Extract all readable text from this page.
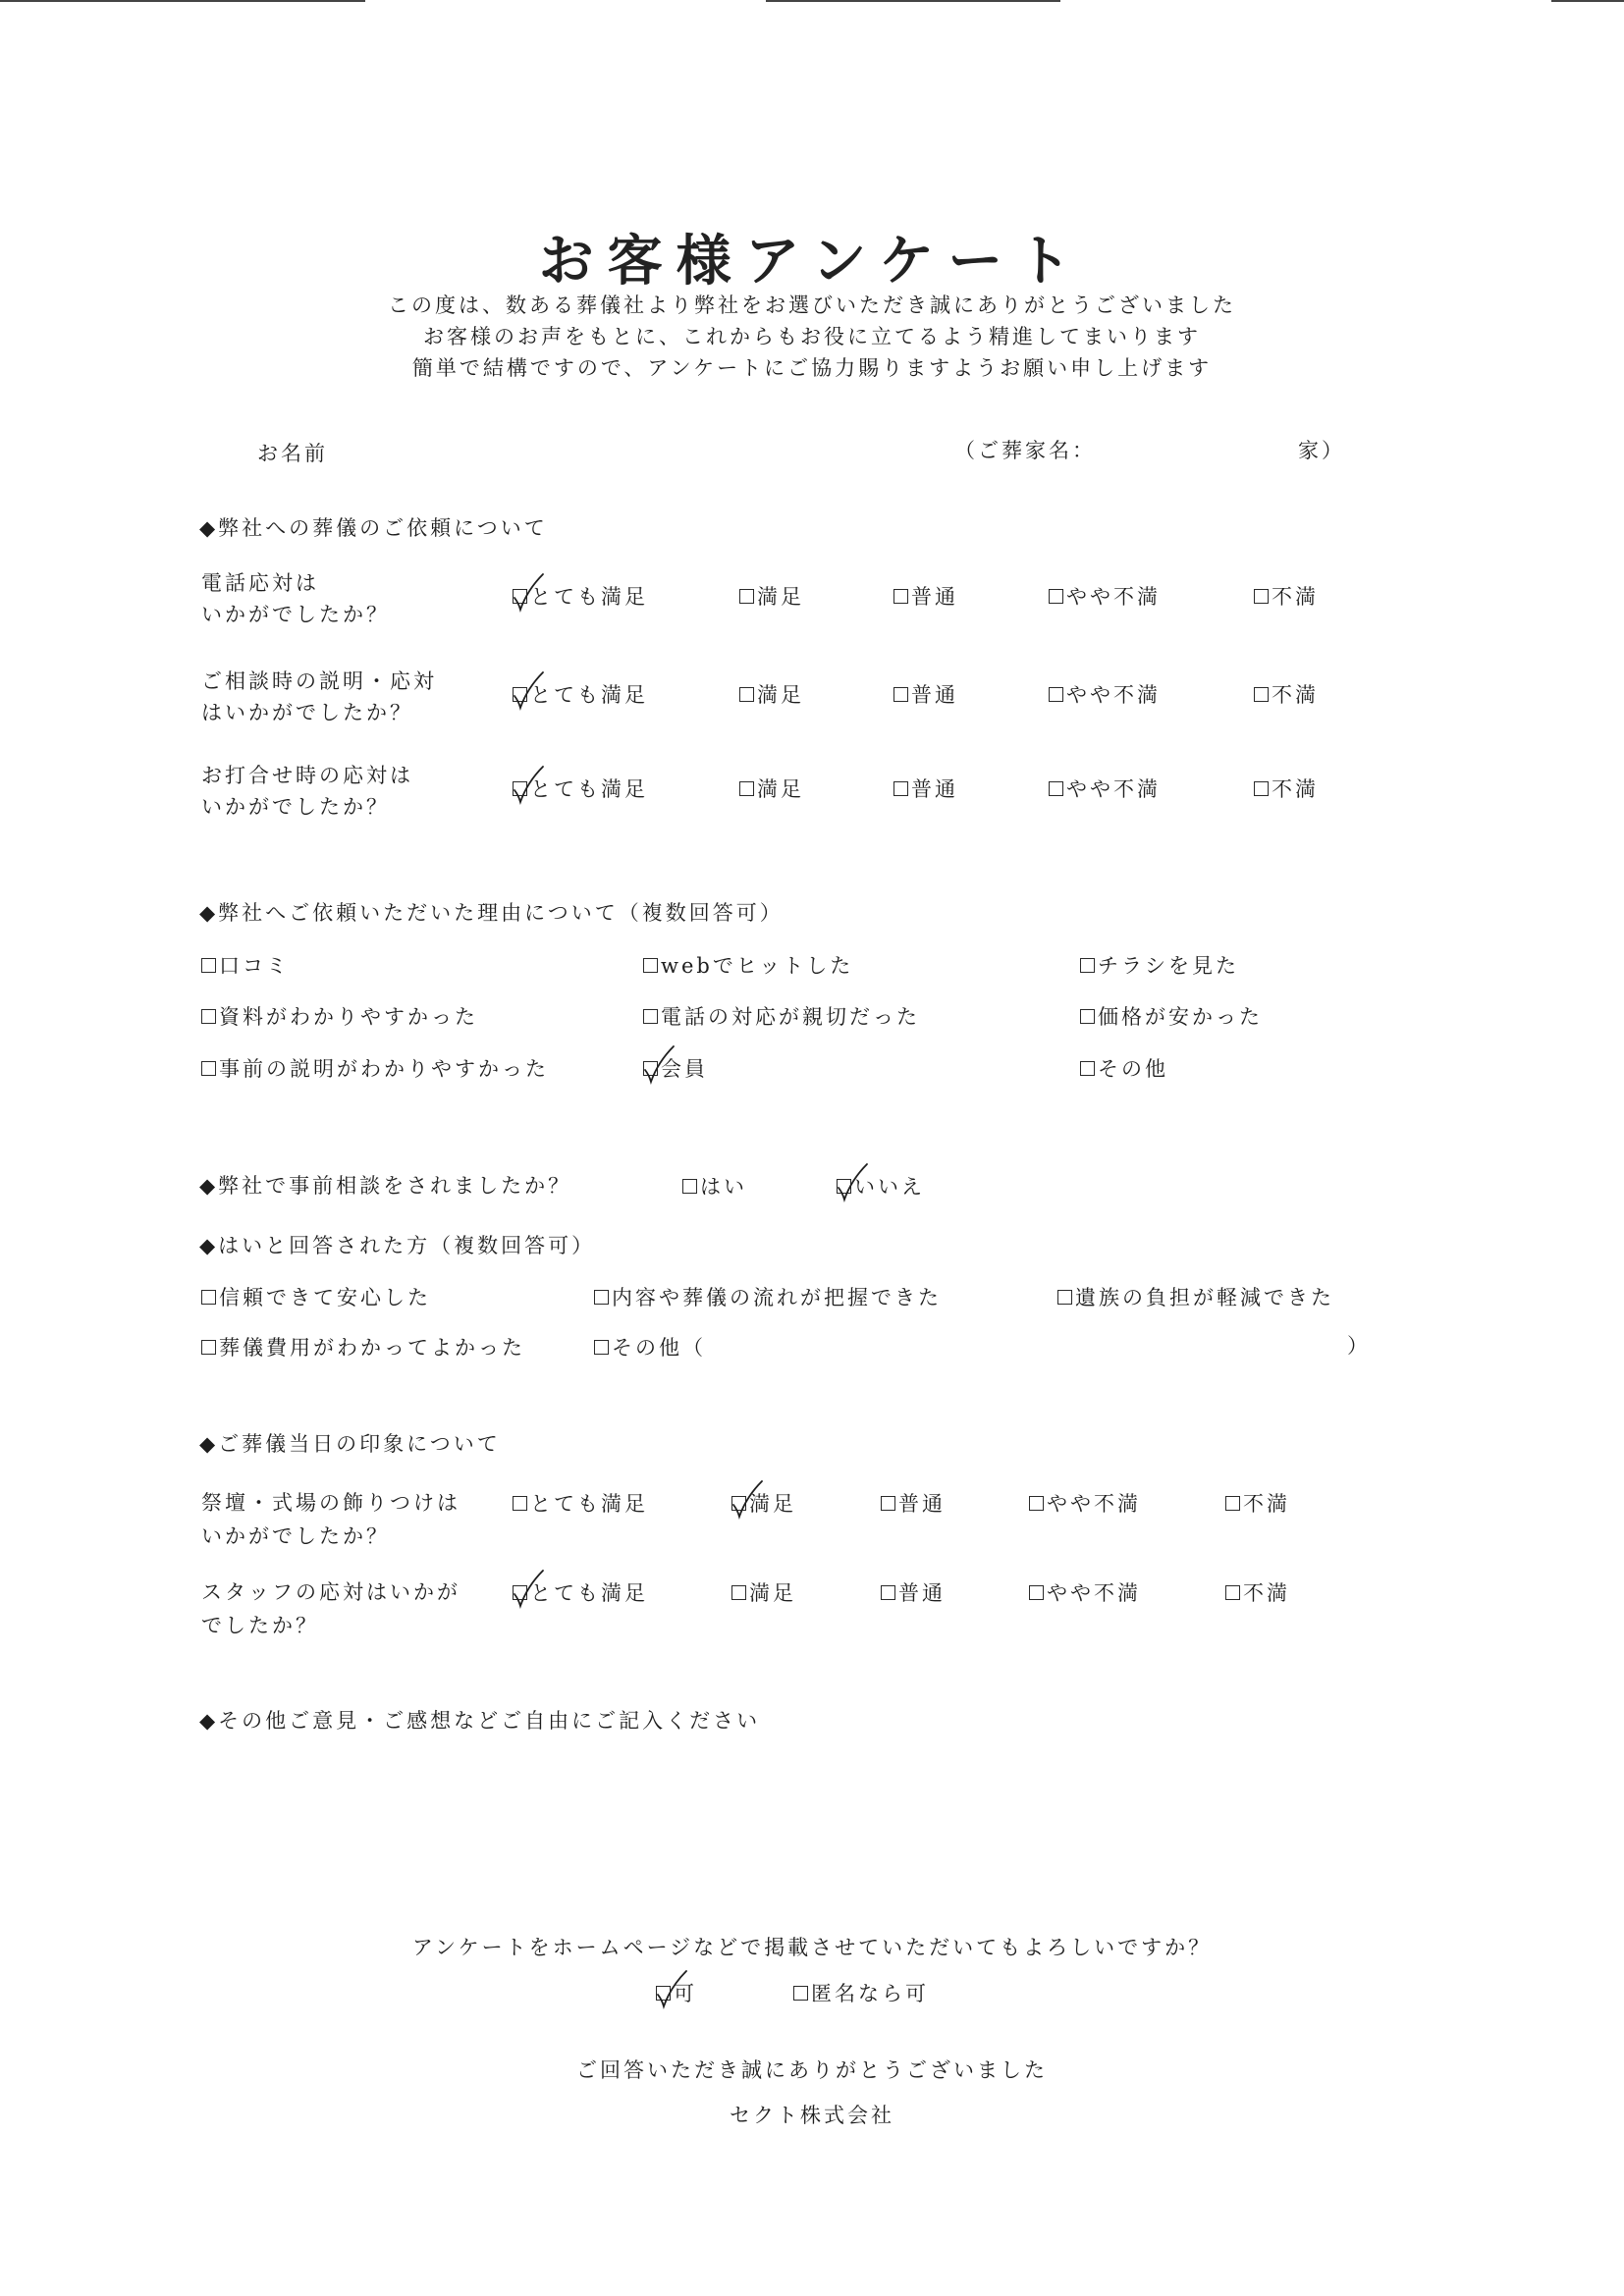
お客様アンケート
この度は、数ある葬儀社より弊社をお選びいただき誠にありがとうございました
お客様のお声をもとに、これからもお役に立てるよう精進してまいります
簡単で結構ですので、アンケートにご協力賜りますようお願い申し上げます
お名前	（ご葬家名：	家）
◆弊社への葬儀のご依頼について
電話応対は
いかがでしたか？
とても満足	満足	普通	やや不満	不満
ご相談時の説明・応対
はいかがでしたか？
とても満足	満足	普通	やや不満	不満
お打合せ時の応対は
いかがでしたか？
とても満足	満足	普通	やや不満	不満
◆弊社へご依頼いただいた理由について（複数回答可）
口コミ	webでヒットした	チラシを見た
資料がわかりやすかった	電話の対応が親切だった	価格が安かった
事前の説明がわかりやすかった	会員	その他
◆弊社で事前相談をされましたか？	はい	いいえ
◆はいと回答された方（複数回答可）
信頼できて安心した	内容や葬儀の流れが把握できた	遺族の負担が軽減できた
葬儀費用がわかってよかった	その他（	）
◆ご葬儀当日の印象について
祭壇・式場の飾りつけは
いかがでしたか？
とても満足	満足	普通	やや不満	不満
スタッフの応対はいかが
でしたか？
とても満足	満足	普通	やや不満	不満
◆その他ご意見・ご感想などご自由にご記入ください
アンケートをホームページなどで掲載させていただいてもよろしいですか？
可	匿名なら可
ご回答いただき誠にありがとうございました
セクト株式会社
